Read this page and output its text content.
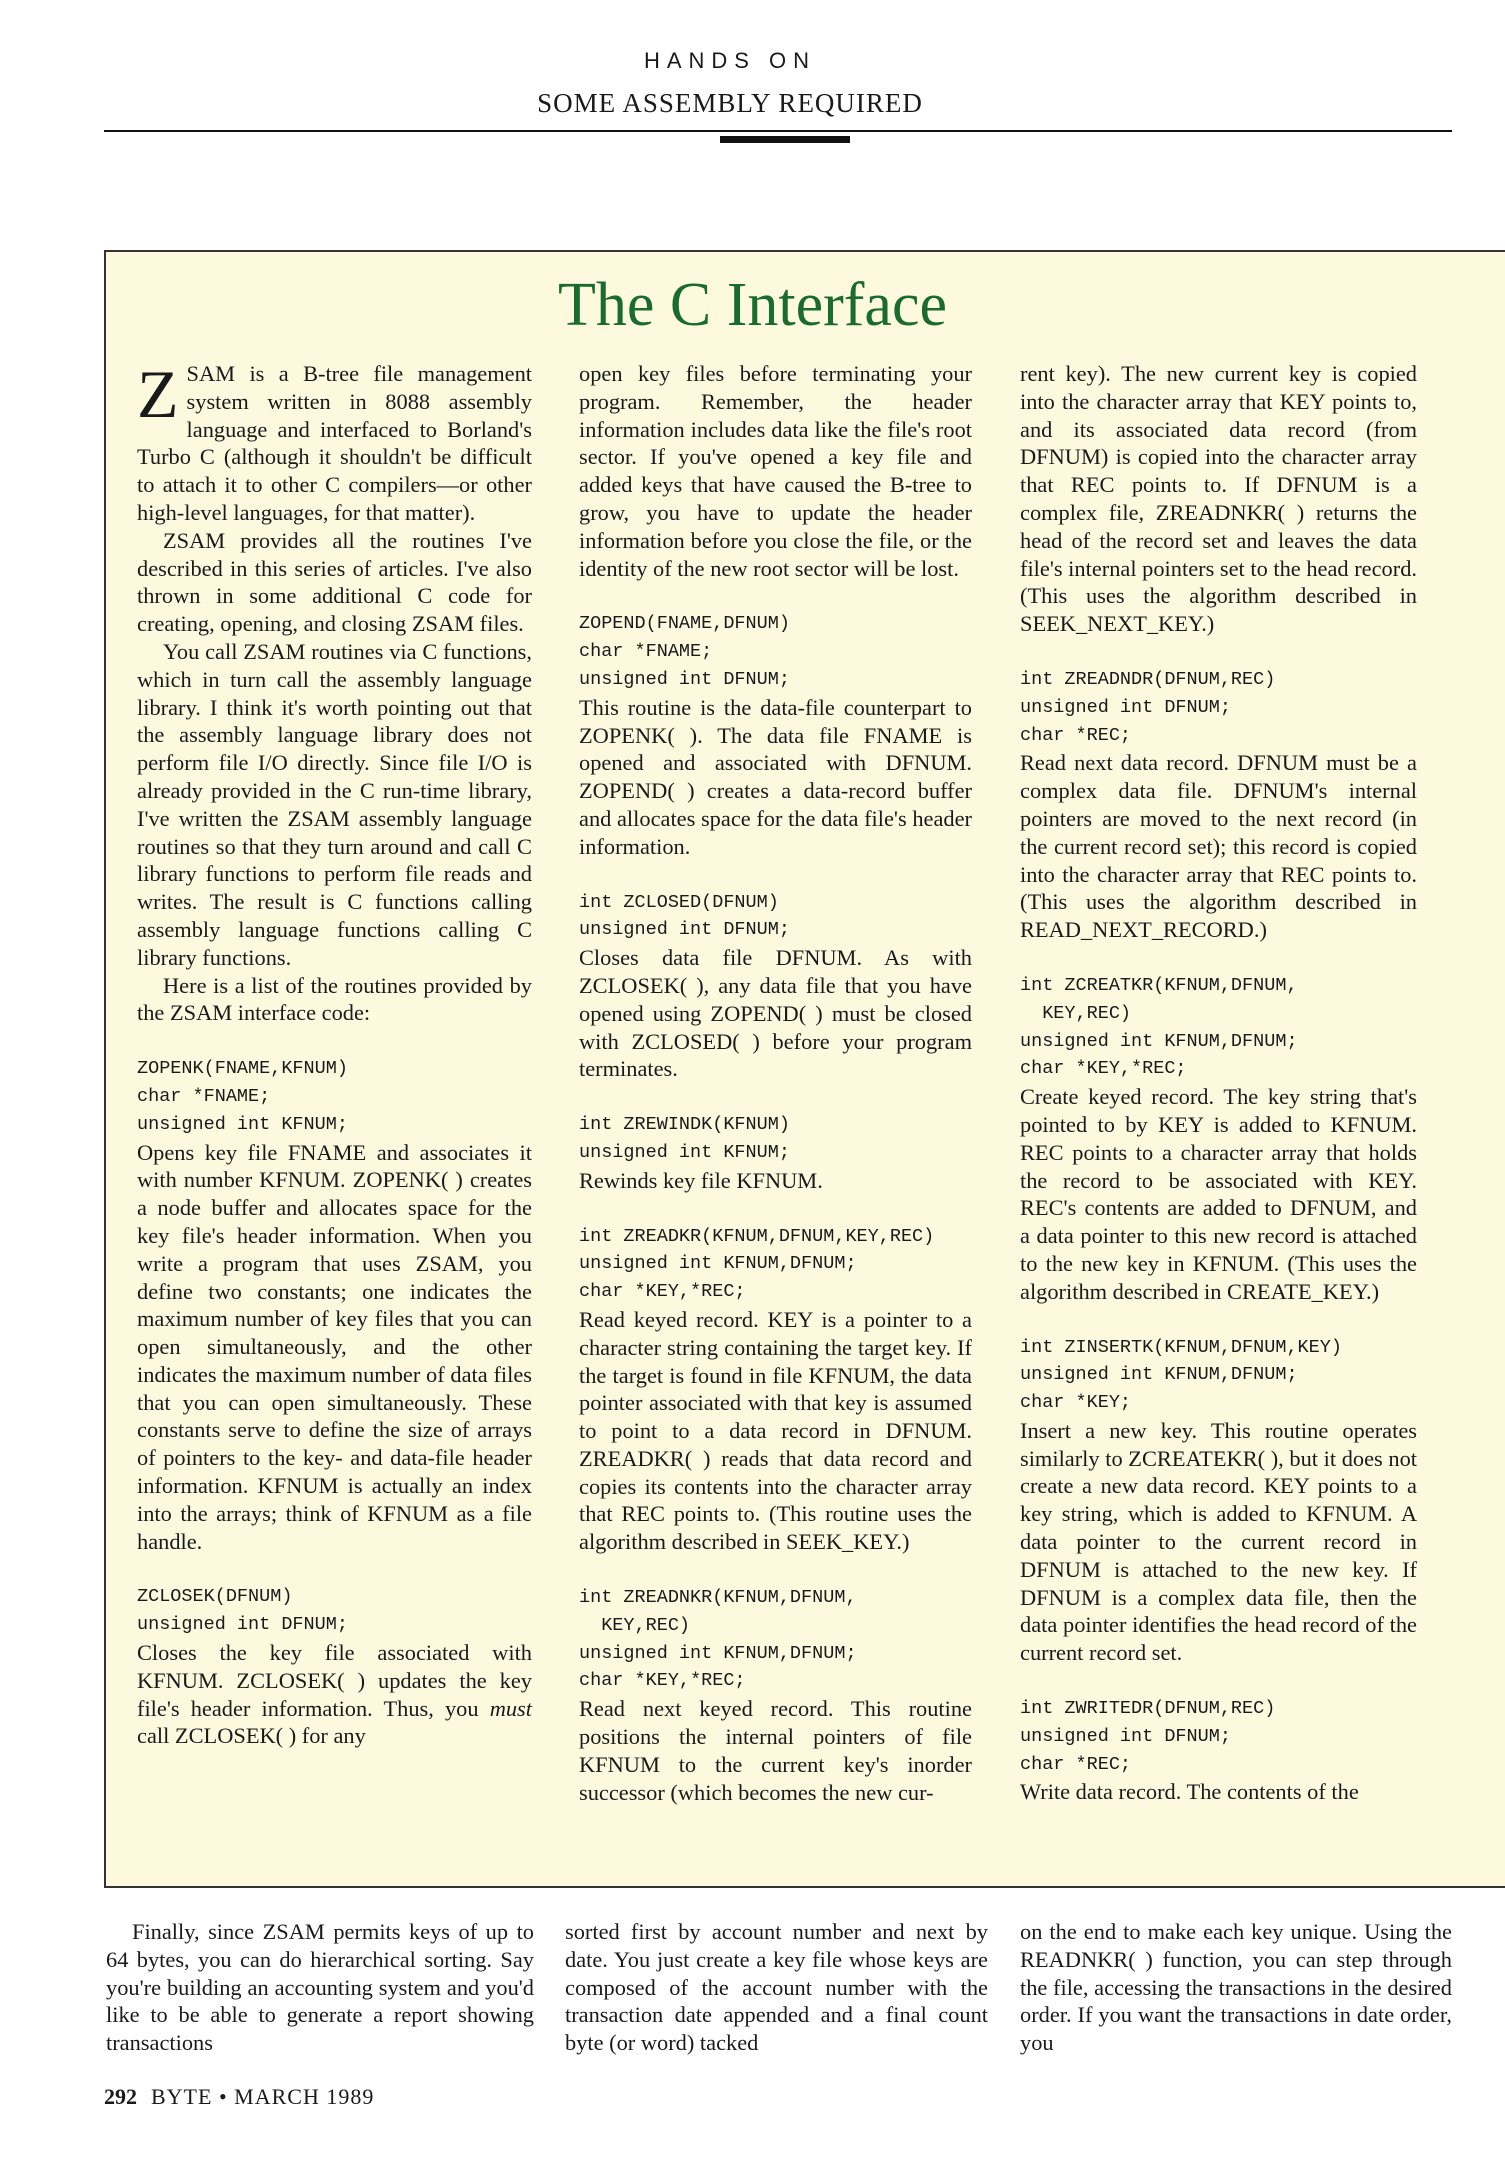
HANDS ON
SOME ASSEMBLY REQUIRED
The C Interface

ZSAM is a B-tree file management system written in 8088 assembly language and interfaced to Borland's Turbo C (although it shouldn't be difficult to attach it to other C compilers—or other high-level languages, for that matter).

ZSAM provides all the routines I've described in this series of articles. I've also thrown in some additional C code for creating, opening, and closing ZSAM files.

You call ZSAM routines via C functions, which in turn call the assembly language library. I think it's worth pointing out that the assembly language library does not perform file I/O directly. Since file I/O is already provided in the C run-time library, I've written the ZSAM assembly language routines so that they turn around and call C library functions to perform file reads and writes. The result is C functions calling assembly language functions calling C library functions.

Here is a list of the routines provided by the ZSAM interface code:

ZOPENK(FNAME,KFNUM)
char *FNAME;
unsigned int KFNUM;

Opens key file FNAME and associates it with number KFNUM. ZOPENK( ) creates a node buffer and allocates space for the key file's header information. When you write a program that uses ZSAM, you define two constants; one indicates the maximum number of key files that you can open simultaneously, and the other indicates the maximum number of data files that you can open simultaneously. These constants serve to define the size of arrays of pointers to the key- and data-file header information. KFNUM is actually an index into the arrays; think of KFNUM as a file handle.

ZCLOSEK(DFNUM)
unsigned int DFNUM;

Closes the key file associated with KFNUM. ZCLOSEK( ) updates the key file's header information. Thus, you must call ZCLOSEK( ) for any

open key files before terminating your program. Remember, the header information includes data like the file's root sector. If you've opened a key file and added keys that have caused the B-tree to grow, you have to update the header information before you close the file, or the identity of the new root sector will be lost.

ZOPEND(FNAME,DFNUM)
char *FNAME;
unsigned int DFNUM;

This routine is the data-file counterpart to ZOPENK( ). The data file FNAME is opened and associated with DFNUM. ZOPEND( ) creates a data-record buffer and allocates space for the data file's header information.

int ZCLOSED(DFNUM)
unsigned int DFNUM;

Closes data file DFNUM. As with ZCLOSEK( ), any data file that you have opened using ZOPEND( ) must be closed with ZCLOSED( ) before your program terminates.

int ZREWINDK(KFNUM)
unsigned int KFNUM;

Rewinds key file KFNUM.

int ZREADKR(KFNUM,DFNUM,KEY,REC)
unsigned int KFNUM,DFNUM;
char *KEY,*REC;

Read keyed record. KEY is a pointer to a character string containing the target key. If the target is found in file KFNUM, the data pointer associated with that key is assumed to point to a data record in DFNUM. ZREADKR( ) reads that data record and copies its contents into the character array that REC points to. (This routine uses the algorithm described in SEEK_KEY.)

int ZREADNKR(KFNUM,DFNUM,
KEY,REC)
unsigned int KFNUM,DFNUM;
char *KEY,*REC;

Read next keyed record. This routine positions the internal pointers of file KFNUM to the current key's inorder successor (which becomes the new cur-

rent key). The new current key is copied into the character array that KEY points to, and its associated data record (from DFNUM) is copied into the character array that REC points to. If DFNUM is a complex file, ZREADNKR( ) returns the head of the record set and leaves the data file's internal pointers set to the head record. (This uses the algorithm described in SEEK_NEXT_KEY.)

int ZREADNDR(DFNUM,REC)
unsigned int DFNUM;
char *REC;

Read next data record. DFNUM must be a complex data file. DFNUM's internal pointers are moved to the next record (in the current record set); this record is copied into the character array that REC points to. (This uses the algorithm described in READ_NEXT_RECORD.)

int ZCREATKR(KFNUM,DFNUM,
KEY,REC)
unsigned int KFNUM,DFNUM;
char *KEY,*REC;

Create keyed record. The key string that's pointed to by KEY is added to KFNUM. REC points to a character array that holds the record to be associated with KEY. REC's contents are added to DFNUM, and a data pointer to this new record is attached to the new key in KFNUM. (This uses the algorithm described in CREATE_KEY.)

int ZINSERTK(KFNUM,DFNUM,KEY)
unsigned int KFNUM,DFNUM;
char *KEY;

Insert a new key. This routine operates similarly to ZCREATEKR( ), but it does not create a new data record. KEY points to a key string, which is added to KFNUM. A data pointer to the current record in DFNUM is attached to the new key. If DFNUM is a complex data file, then the data pointer identifies the head record of the current record set.

int ZWRITEDR(DFNUM,REC)
unsigned int DFNUM;
char *REC;

Write data record. The contents of the

Finally, since ZSAM permits keys of up to 64 bytes, you can do hierarchical sorting. Say you're building an accounting system and you'd like to be able to generate a report showing transactions
sorted first by account number and next by date. You just create a key file whose keys are composed of the account number with the transaction date appended and a final count byte (or word) tacked
on the end to make each key unique. Using the READNKR( ) function, you can step through the file, accessing the transactions in the desired order. If you want the transactions in date order, you
292 BYTE • MARCH 1989
